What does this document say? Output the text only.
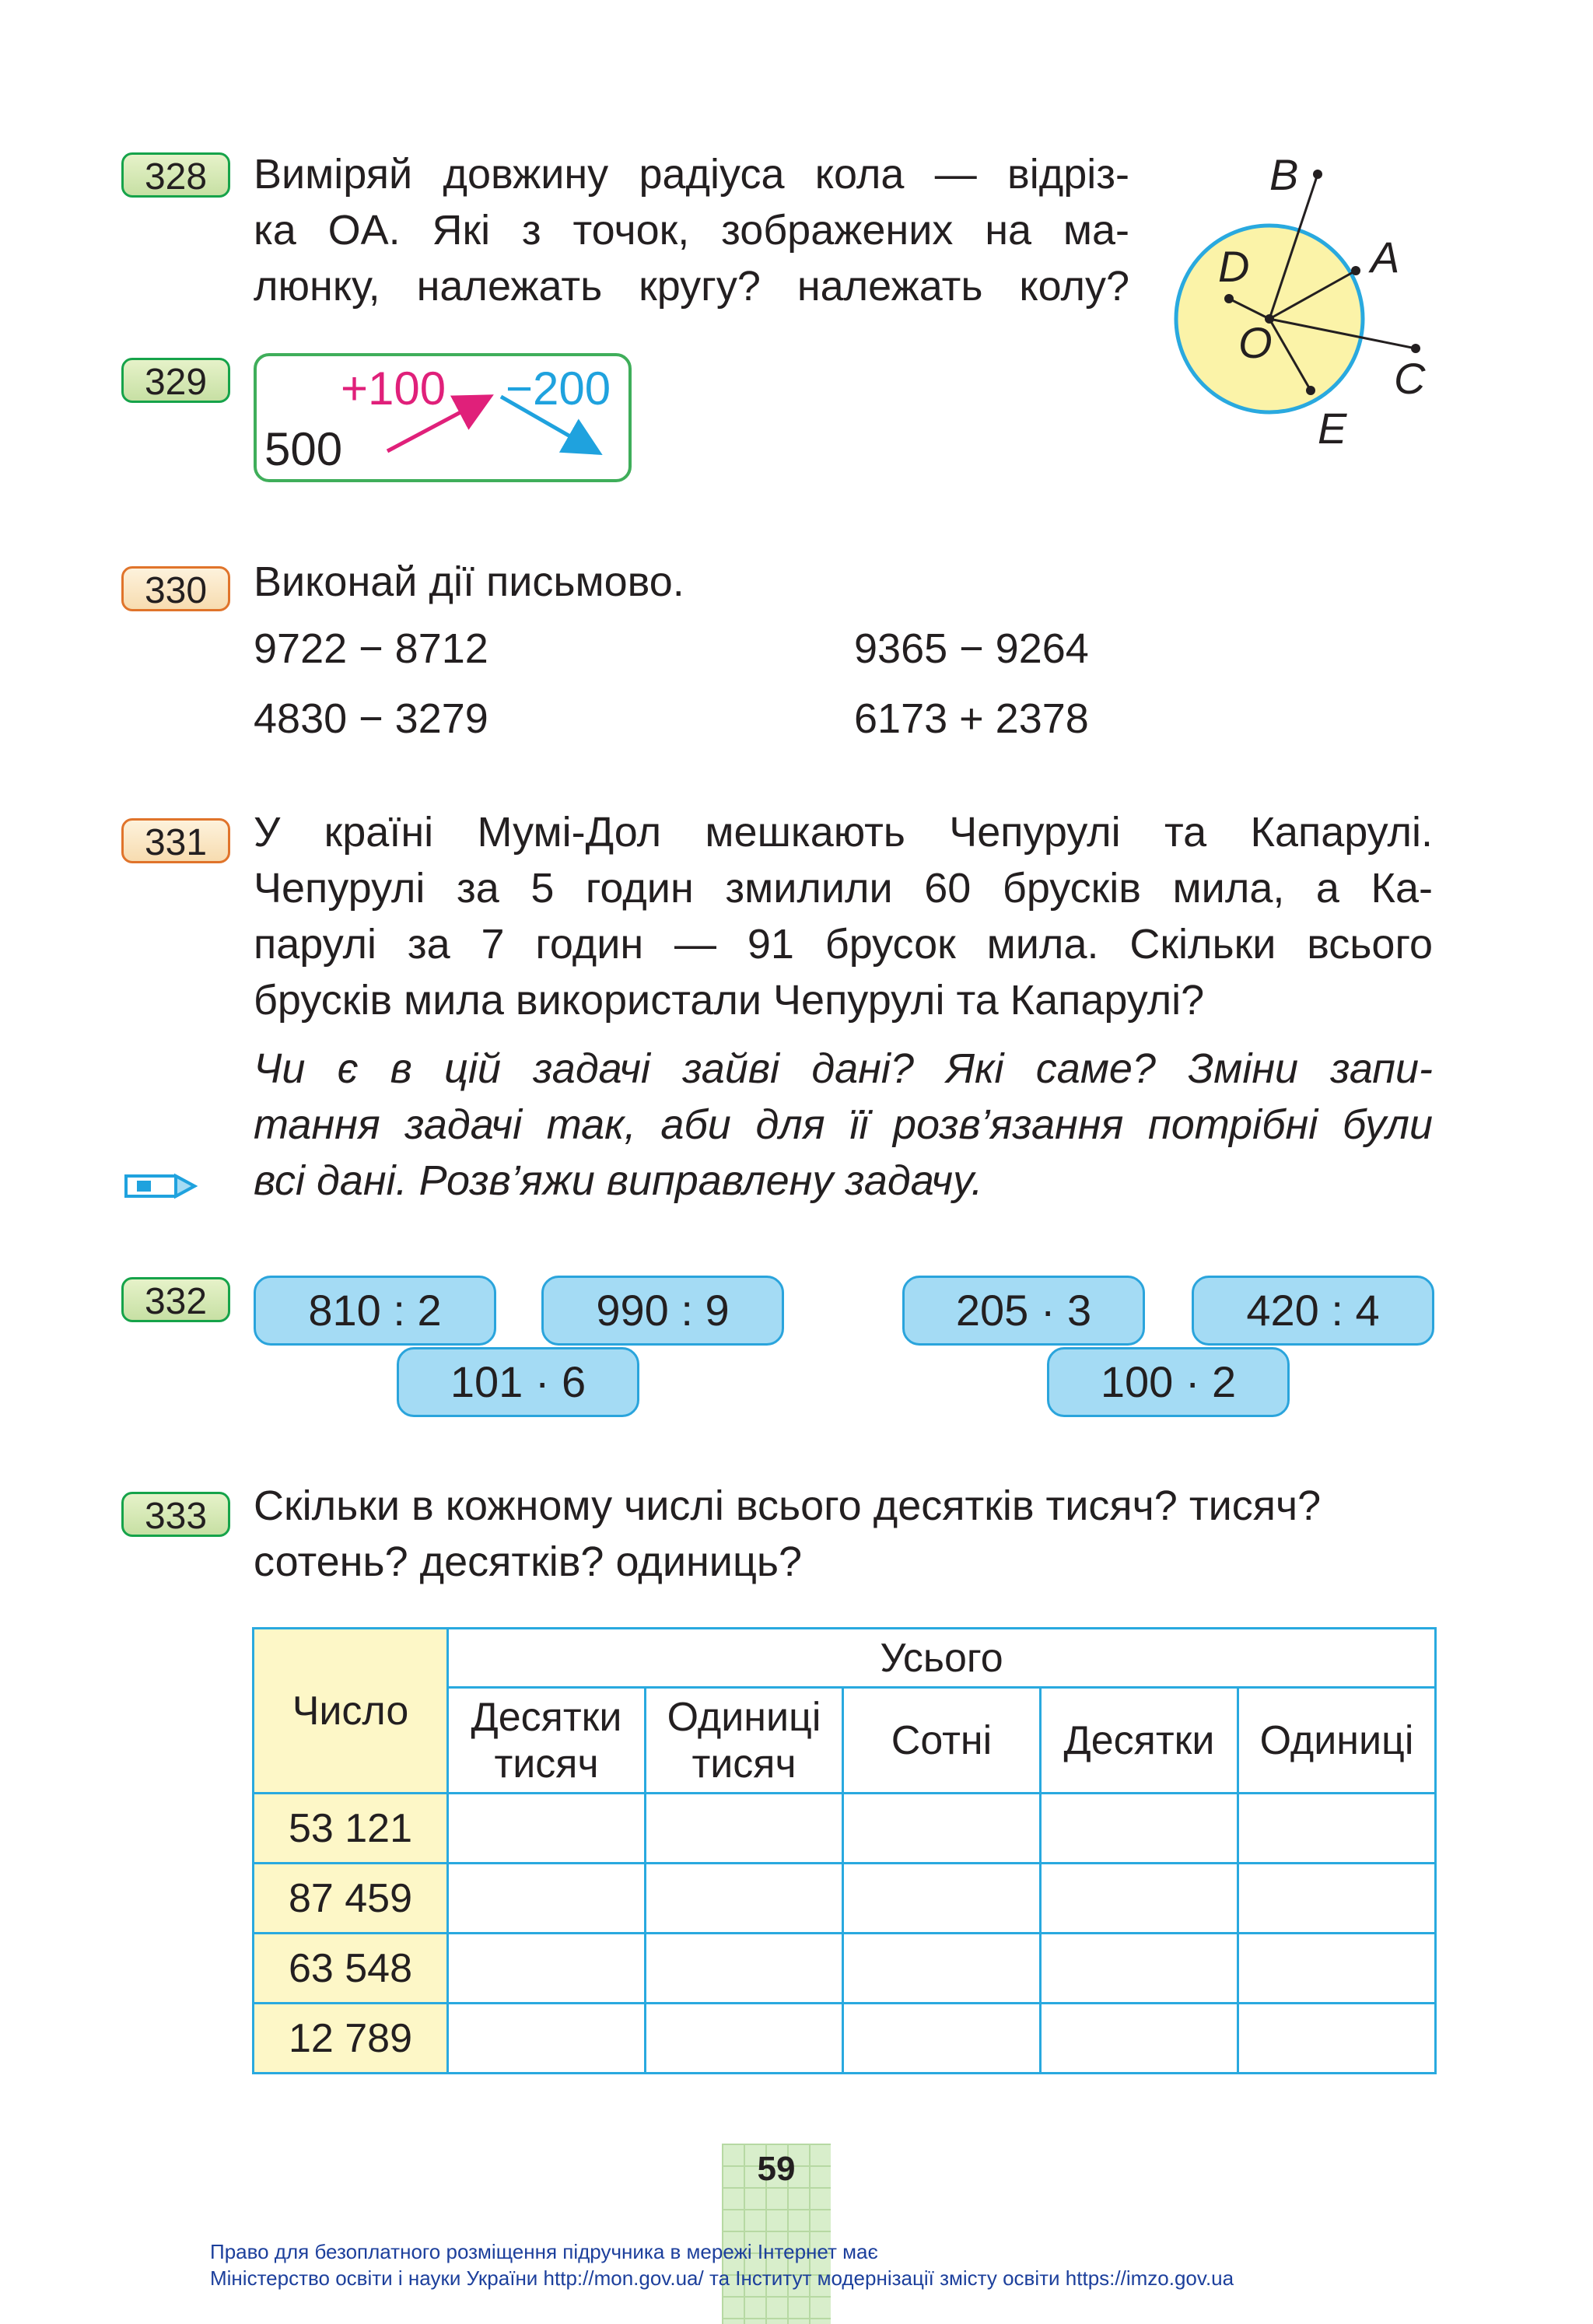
328	Виміряй довжину радіуса кола — відріз-
ка OA. Які з точок, зображених на ма-
люнку, належать кругу? належать колу?
B
A
D
O
C
E
329	+100 −200
500
330	Виконай дії письмово.
9722 − 8712	9365 − 9264
4830 − 3279	6173 + 2378
331	У країні Мумі-Дол мешкають Чепурулі та Капарулі.
Чепурулі за 5 годин змилили 60 брусків мила, а Ка-
парулі за 7 годин — 91 брусок мила. Скільки всього
брусків мила використали Чепурулі та Капарулі?
Чи є в цій задачі зайві дані? Які саме? Зміни запи-
тання задачі так, аби для її розв’язання потрібні були
всі дані. Розв’яжи виправлену задачу.
332	810 : 2	990 : 9
101 · 6
205 · 3	420 : 4
100 · 2
333	Скільки в кожному числі всього десятків тисяч? тисяч?
сотень? десятків? одиниць?
Число	Усього				
	Десятки тисяч	Одиниці тисяч	Сотні	Десятки	Одиниці
53 121					
87 459					
63 548					
12 789					
59
Право для безоплатного розміщення підручника в мережі Інтернет має
Міністерство освіти і науки України http://mon.gov.ua/ та Інститут модернізації змісту освіти https://imzo.gov.ua
